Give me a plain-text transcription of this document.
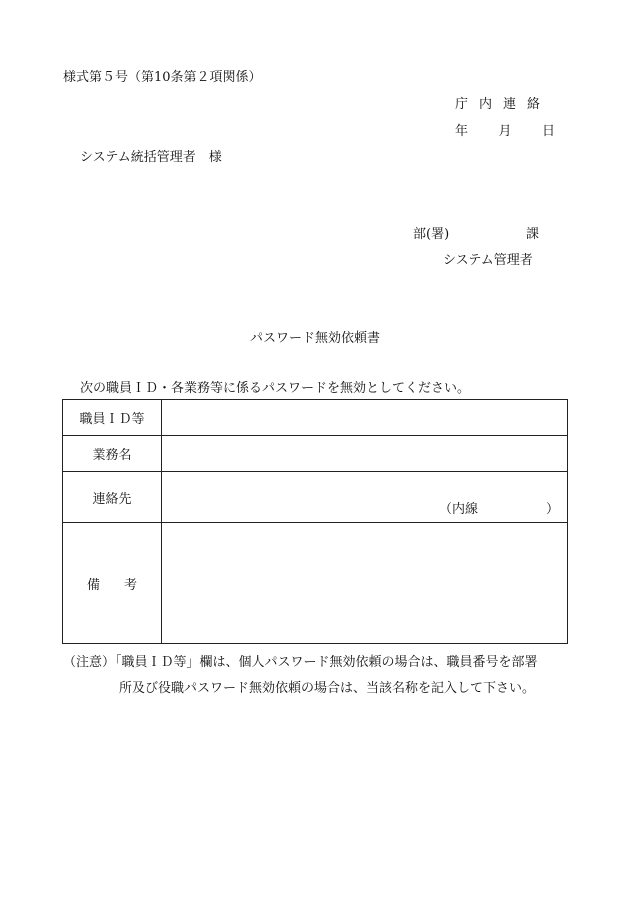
様式第５号（第10条第２項関係）
庁内連絡
年 月 日
システム統括管理者　様
部(署)	課
システム管理者
パスワード無効依頼書
次の職員ＩＤ・各業務等に係るパスワードを無効としてください。
職員ＩＤ等	
業務名	
連絡先	（内線 ）

備考	
（注意）「職員ＩＤ等」欄は、個人パスワード無効依頼の場合は、職員番号を部署
所及び役職パスワード無効依頼の場合は、当該名称を記入して下さい。
